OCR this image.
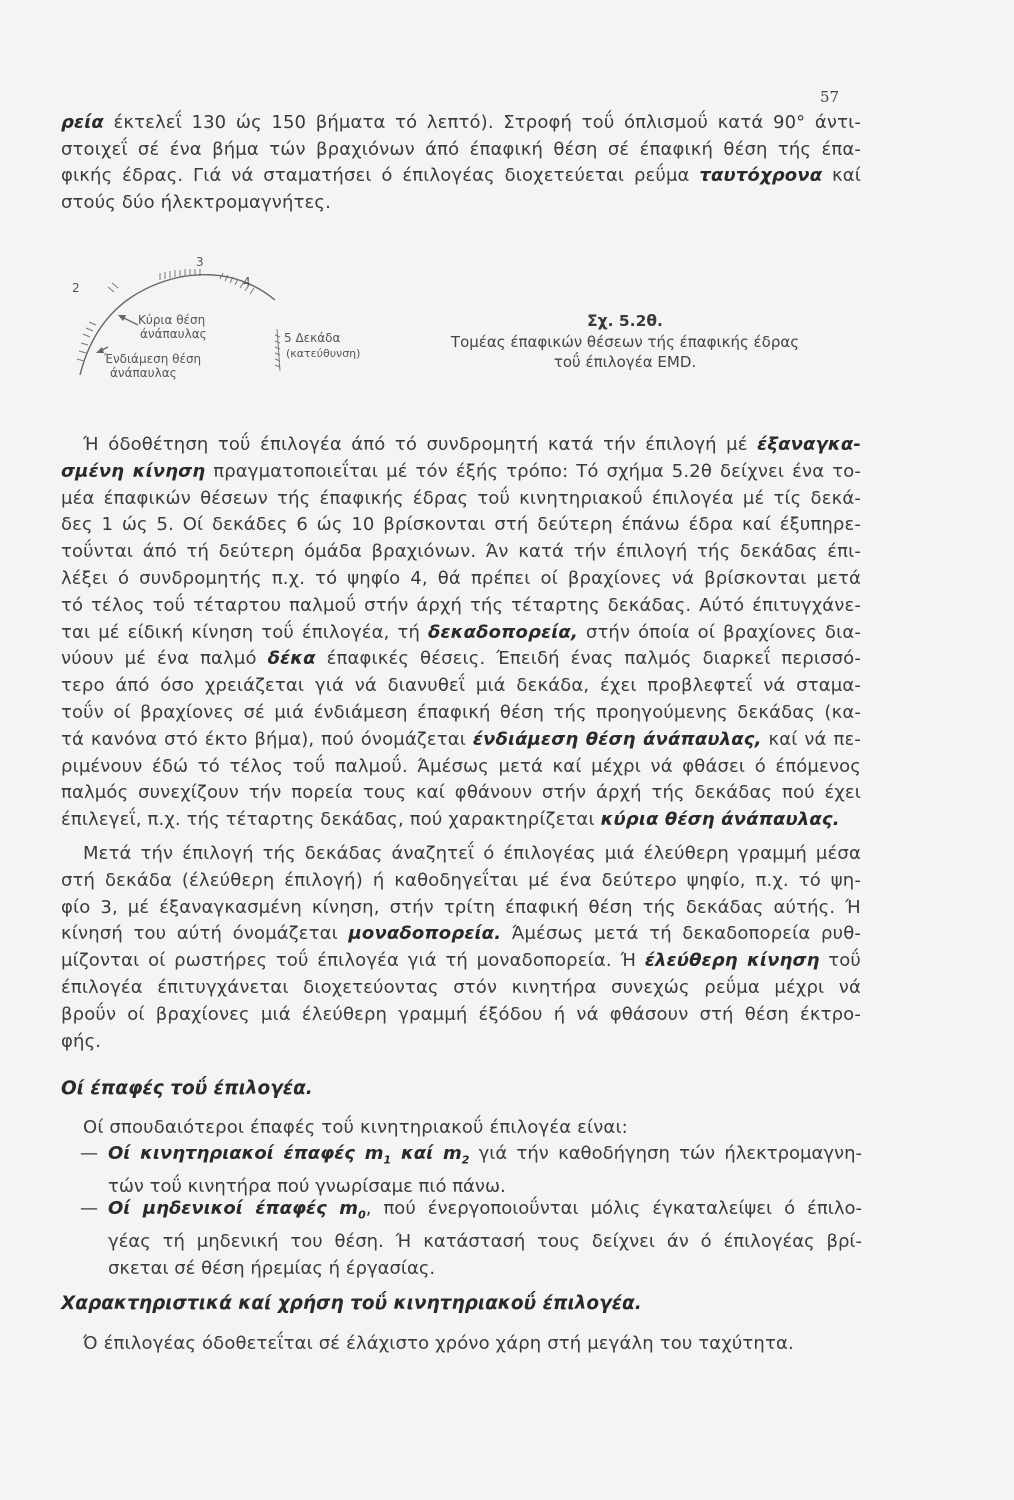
57
ρεία έκτελεΐ 130 ώς 150 βήματα τό λεπτό). Στροφή τοΰ όπλισμοΰ κατά 90° άντι-
στοιχεΐ σέ ένα βήμα τών βραχιόνων άπό έπαφική θέση σέ έπαφική θέση τής έπα-
φικής έδρας. Γιά νά σταματήσει ό έπιλογέας διοχετεύεται ρεΰμα ταυτόχρονα καί
στούς δύο ήλεκτρομαγνήτες.
2
3
4
Κύρια θέση
άνάπαυλας
Ένδιάμεση θέση
άνάπαυλας
5 Δεκάδα
(κατεύθυνση)
Σχ. 5.2θ.
Τομέας έπαφικών θέσεων τής έπαφικής έδρας
τοΰ έπιλογέα EMD.
Ή όδοθέτηση τοΰ έπιλογέα άπό τό συνδρομητή κατά τήν έπιλογή μέ έξαναγκα-
σμένη κίνηση πραγματοποιεΐται μέ τόν έξής τρόπο: Τό σχήμα 5.2θ δείχνει ένα το-
μέα έπαφικών θέσεων τής έπαφικής έδρας τοΰ κινητηριακοΰ έπιλογέα μέ τίς δεκά-
δες 1 ώς 5. Οί δεκάδες 6 ώς 10 βρίσκονται στή δεύτερη έπάνω έδρα καί έξυπηρε-
τοΰνται άπό τή δεύτερη όμάδα βραχιόνων. Άν κατά τήν έπιλογή τής δεκάδας έπι-
λέξει ό συνδρομητής π.χ. τό ψηφίο 4, θά πρέπει οί βραχίονες νά βρίσκονται μετά
τό τέλος τοΰ τέταρτου παλμοΰ στήν άρχή τής τέταρτης δεκάδας. Αύτό έπιτυγχάνε-
ται μέ είδική κίνηση τοΰ έπιλογέα, τή δεκαδοπορεία, στήν όποία οί βραχίονες δια-
νύουν μέ ένα παλμό δέκα έπαφικές θέσεις. Έπειδή ένας παλμός διαρκεΐ περισσό-
τερο άπό όσο χρειάζεται γιά νά διανυθεΐ μιά δεκάδα, έχει προβλεφτεΐ νά σταμα-
τοΰν οί βραχίονες σέ μιά ένδιάμεση έπαφική θέση τής προηγούμενης δεκάδας (κα-
τά κανόνα στό έκτο βήμα), πού όνομάζεται ένδιάμεση θέση άνάπαυλας, καί νά πε-
ριμένουν έδώ τό τέλος τοΰ παλμοΰ. Άμέσως μετά καί μέχρι νά φθάσει ό έπόμενος
παλμός συνεχίζουν τήν πορεία τους καί φθάνουν στήν άρχή τής δεκάδας πού έχει
έπιλεγεΐ, π.χ. τής τέταρτης δεκάδας, πού χαρακτηρίζεται κύρια θέση άνάπαυλας.
Μετά τήν έπιλογή τής δεκάδας άναζητεΐ ό έπιλογέας μιά έλεύθερη γραμμή μέσα
στή δεκάδα (έλεύθερη έπιλογή) ή καθοδηγεΐται μέ ένα δεύτερο ψηφίο, π.χ. τό ψη-
φίο 3, μέ έξαναγκασμένη κίνηση, στήν τρίτη έπαφική θέση τής δεκάδας αύτής. Ή
κίνησή του αύτή όνομάζεται μοναδοπορεία. Άμέσως μετά τή δεκαδοπορεία ρυθ-
μίζονται οί ρωστήρες τοΰ έπιλογέα γιά τή μοναδοπορεία. Ή έλεύθερη κίνηση τοΰ
έπιλογέα έπιτυγχάνεται διοχετεύοντας στόν κινητήρα συνεχώς ρεΰμα μέχρι νά
βροΰν οί βραχίονες μιά έλεύθερη γραμμή έξόδου ή νά φθάσουν στή θέση έκτρο-
φής.
Οί έπαφές τοΰ έπιλογέα.
Οί σπουδαιότεροι έπαφές τοΰ κινητηριακοΰ έπιλογέα είναι:
— Οί κινητηριακοί έπαφές $m_1$ καί $m_2$ γιά τήν καθοδήγηση τών ήλεκτρομαγνη-
τών τοΰ κινητήρα πού γνωρίσαμε πιό πάνω.
— Οί μηδενικοί έπαφές $m_0$, πού ένεργοποιοΰνται μόλις έγκαταλείψει ό έπιλο-
γέας τή μηδενική του θέση. Ή κατάστασή τους δείχνει άν ό έπιλογέας βρί-
σκεται σέ θέση ήρεμίας ή έργασίας.
Χαρακτηριστικά καί χρήση τοΰ κινητηριακοΰ έπιλογέα.
Ό έπιλογέας όδοθετεΐται σέ έλάχιστο χρόνο χάρη στή μεγάλη του ταχύτητα.
